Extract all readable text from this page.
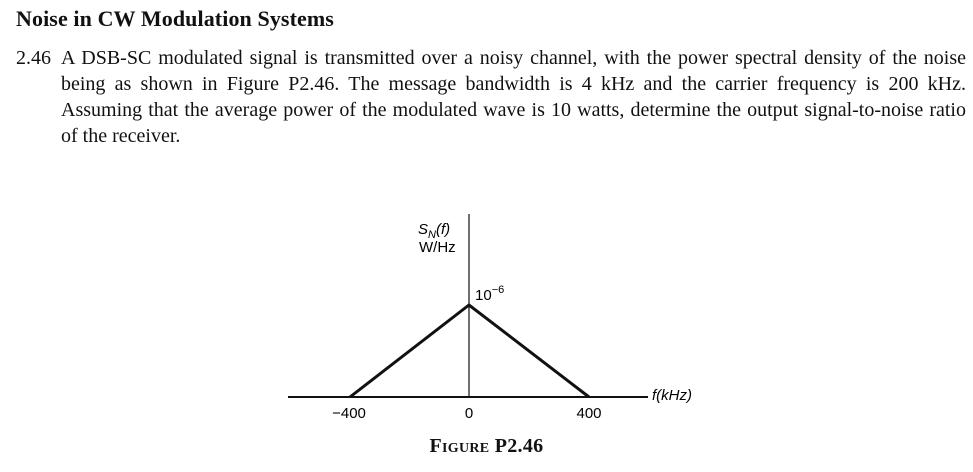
Noise in CW Modulation Systems
2.46 A DSB-SC modulated signal is transmitted over a noisy channel, with the power spectral density of the noise being as shown in Figure P2.46. The message bandwidth is 4 kHz and the carrier frequency is 200 kHz. Assuming that the average power of the modulated wave is 10 watts, determine the output signal-to-noise ratio of the receiver.

$S_N(f)$
W/Hz
$10^{-6}$
f(kHz)
−400	0	400
Figure P2.46
